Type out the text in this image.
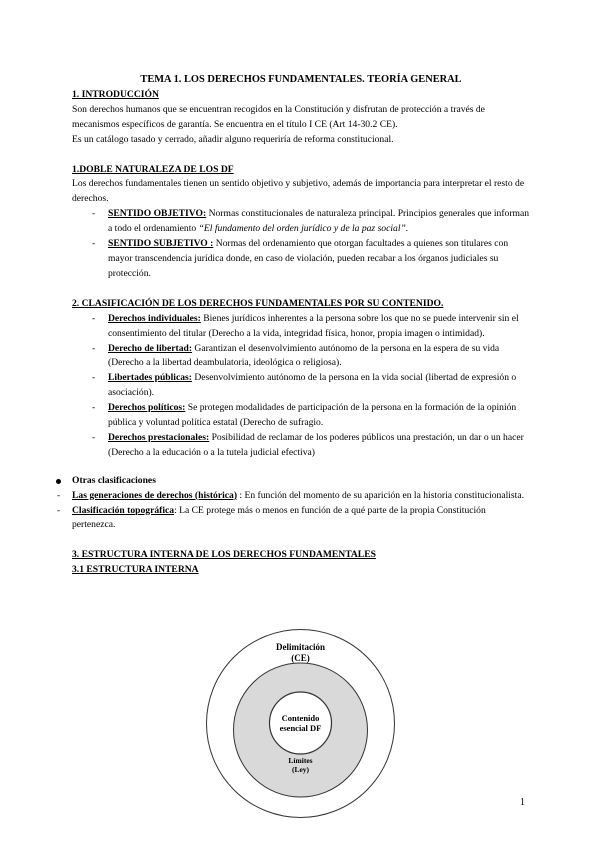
TEMA 1. LOS DERECHOS FUNDAMENTALES. TEORÍA GENERAL

1. INTRODUCCIÓN

Son derechos humanos que se encuentran recogidos en la Constitución y disfrutan de protección a través de mecanismos específicos de garantía. Se encuentra en el título I CE (Art 14-30.2 CE).

Es un catálogo tasado y cerrado, añadir alguno requeriría de reforma constitucional.

1.DOBLE NATURALEZA DE LOS DF

Los derechos fundamentales tienen un sentido objetivo y subjetivo, además de importancia para interpretar el resto de derechos.

- SENTIDO OBJETIVO: Normas constitucionales de naturaleza principal. Principios generales que informan a todo el ordenamiento “El fundamento del orden jurídico y de la paz social”.
- SENTIDO SUBJETIVO : Normas del ordenamiento que otorgan facultades a quienes son titulares con mayor transcendencia jurídica donde, en caso de violación, pueden recabar a los órganos judiciales su protección.

2. CLASIFICACIÓN DE LOS DERECHOS FUNDAMENTALES POR SU CONTENIDO.

- Derechos individuales: Bienes jurídicos inherentes a la persona sobre los que no se puede intervenir sin el consentimiento del titular (Derecho a la vida, integridad física, honor, propia imagen o intimidad).
- Derecho de libertad: Garantizan el desenvolvimiento autónomo de la persona en la espera de su vida (Derecho a la libertad deambulatoria, ideológica o religiosa).
- Libertades públicas: Desenvolvimiento autónomo de la persona en la vida social (libertad de expresión o asociación).
- Derechos políticos: Se protegen modalidades de participación de la persona en la formación de la opinión pública y voluntad política estatal (Derecho de sufragio.
- Derechos prestacionales: Posibilidad de reclamar de los poderes públicos una prestación, un dar o un hacer (Derecho a la educación o a la tutela judicial efectiva)
Otras clasificaciones
- Las generaciones de derechos (histórica) : En función del momento de su aparición en la historia constitucionalista.
- Clasificación topográfica: La CE protege más o menos en función de a qué parte de la propia Constitución pertenezca.

3. ESTRUCTURA INTERNA DE LOS DERECHOS FUNDAMENTALES

3.1 ESTRUCTURA INTERNA

Delimitación
(CE)
Contenido
esencial DF
Límites
(Ley)
1
